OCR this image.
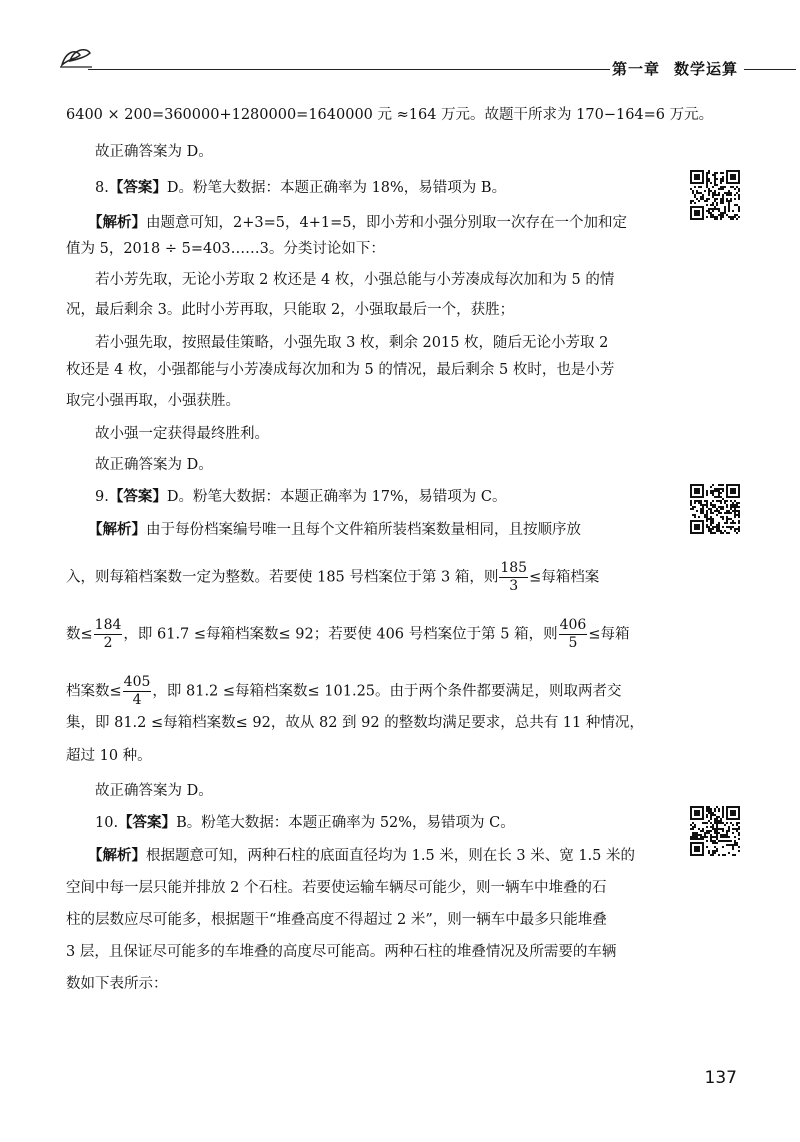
第一章 数学运算
6400 × 200=360000+1280000=1640000 元 ≈164 万元。故题干所求为 170−164=6 万元。
故正确答案为 D。
8.【答案】D。粉笔大数据：本题正确率为 18%，易错项为 B。
【解析】由题意可知，2+3=5，4+1=5，即小芳和小强分别取一次存在一个加和定
值为 5，2018 ÷ 5=403……3。分类讨论如下：
若小芳先取，无论小芳取 2 枚还是 4 枚，小强总能与小芳凑成每次加和为 5 的情
况，最后剩余 3。此时小芳再取，只能取 2，小强取最后一个，获胜；
若小强先取，按照最佳策略，小强先取 3 枚，剩余 2015 枚，随后无论小芳取 2
枚还是 4 枚，小强都能与小芳凑成每次加和为 5 的情况，最后剩余 5 枚时，也是小芳
取完小强再取，小强获胜。
故小强一定获得最终胜利。
故正确答案为 D。
9.【答案】D。粉笔大数据：本题正确率为 17%，易错项为 C。
【解析】由于每份档案编号唯一且每个文件箱所装档案数量相同，且按顺序放
入，则每箱档案数一定为整数。若要使 185 号档案位于第 3 箱，则 $\frac{185}{3}$ ≤每箱档案
数≤ $\frac{184}{2}$ ，即 61.7 ≤每箱档案数≤ 92；若要使 406 号档案位于第 5 箱，则 $\frac{406}{5}$ ≤每箱
档案数≤ $\frac{405}{4}$ ，即 81.2 ≤每箱档案数≤ 101.25。由于两个条件都要满足，则取两者交
集，即 81.2 ≤每箱档案数≤ 92，故从 82 到 92 的整数均满足要求，总共有 11 种情况，
超过 10 种。
故正确答案为 D。
10.【答案】B。粉笔大数据：本题正确率为 52%，易错项为 C。
【解析】根据题意可知，两种石柱的底面直径均为 1.5 米，则在长 3 米、宽 1.5 米的
空间中每一层只能并排放 2 个石柱。若要使运输车辆尽可能少，则一辆车中堆叠的石
柱的层数应尽可能多，根据题干“堆叠高度不得超过 2 米”，则一辆车中最多只能堆叠
3 层，且保证尽可能多的车堆叠的高度尽可能高。两种石柱的堆叠情况及所需要的车辆
数如下表所示：
137
